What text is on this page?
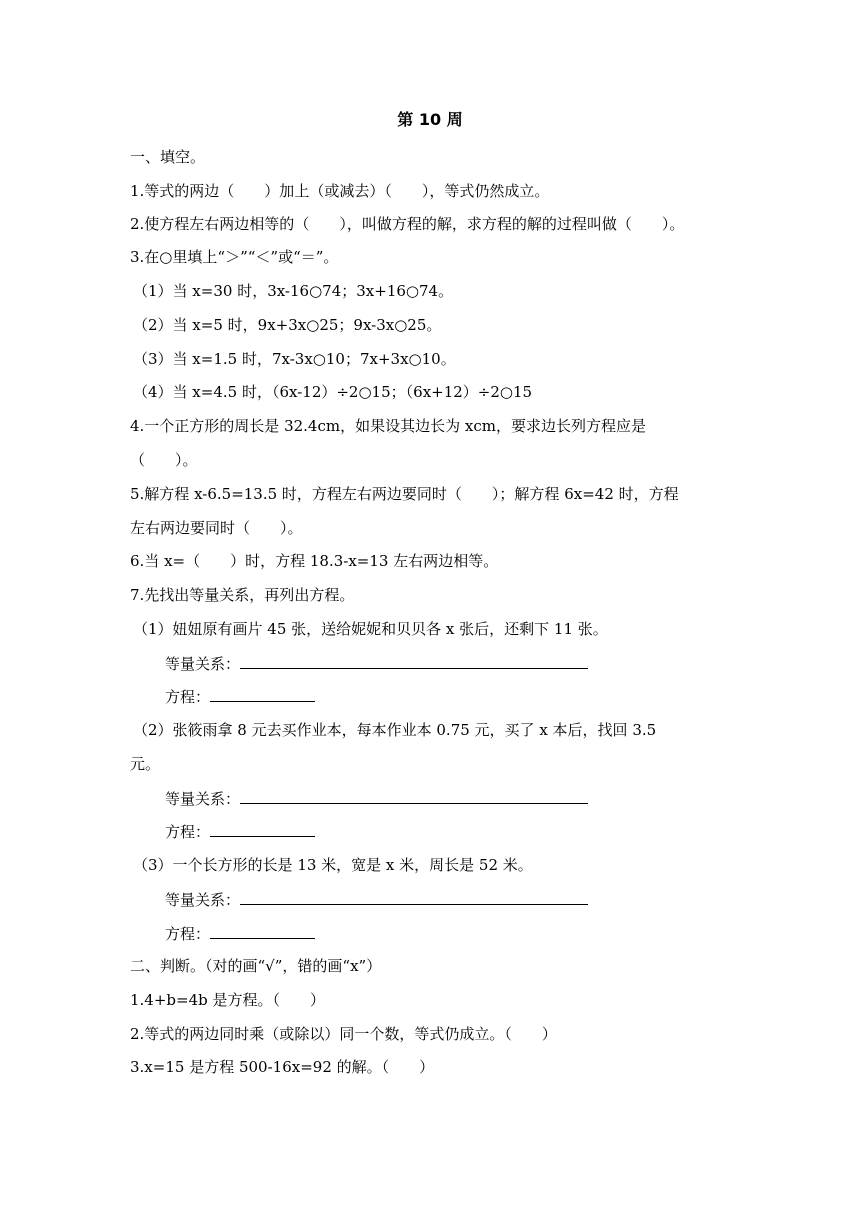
第 10 周
一、填空。
1.等式的两边（　　）加上（或减去）（　　），等式仍然成立。
2.使方程左右两边相等的（　　），叫做方程的解，求方程的解的过程叫做（　　）。
3.在○里填上“＞”“＜”或“＝”。
（1）当 x=30 时，3x-16○74；3x+16○74。
（2）当 x=5 时，9x+3x○25；9x-3x○25。
（3）当 x=1.5 时，7x-3x○10；7x+3x○10。
（4）当 x=4.5 时，（6x-12）÷2○15；（6x+12）÷2○15
4.一个正方形的周长是 32.4cm，如果设其边长为 xcm，要求边长列方程应是
（　　）。
5.解方程 x-6.5=13.5 时，方程左右两边要同时（　　）；解方程 6x=42 时，方程
左右两边要同时（　　）。
6.当 x=（　　）时，方程 18.3-x=13 左右两边相等。
7.先找出等量关系，再列出方程。
（1）妞妞原有画片 45 张，送给妮妮和贝贝各 x 张后，还剩下 11 张。
等量关系：
方程：
（2）张筱雨拿 8 元去买作业本，每本作业本 0.75 元，买了 x 本后，找回 3.5
元。
等量关系：
方程：
（3）一个长方形的长是 13 米，宽是 x 米，周长是 52 米。
等量关系：
方程：
二、判断。（对的画“√”，错的画“x”）
1.4+b=4b 是方程。（　　）
2.等式的两边同时乘（或除以）同一个数，等式仍成立。（　　）
3.x=15 是方程 500-16x=92 的解。（　　）
